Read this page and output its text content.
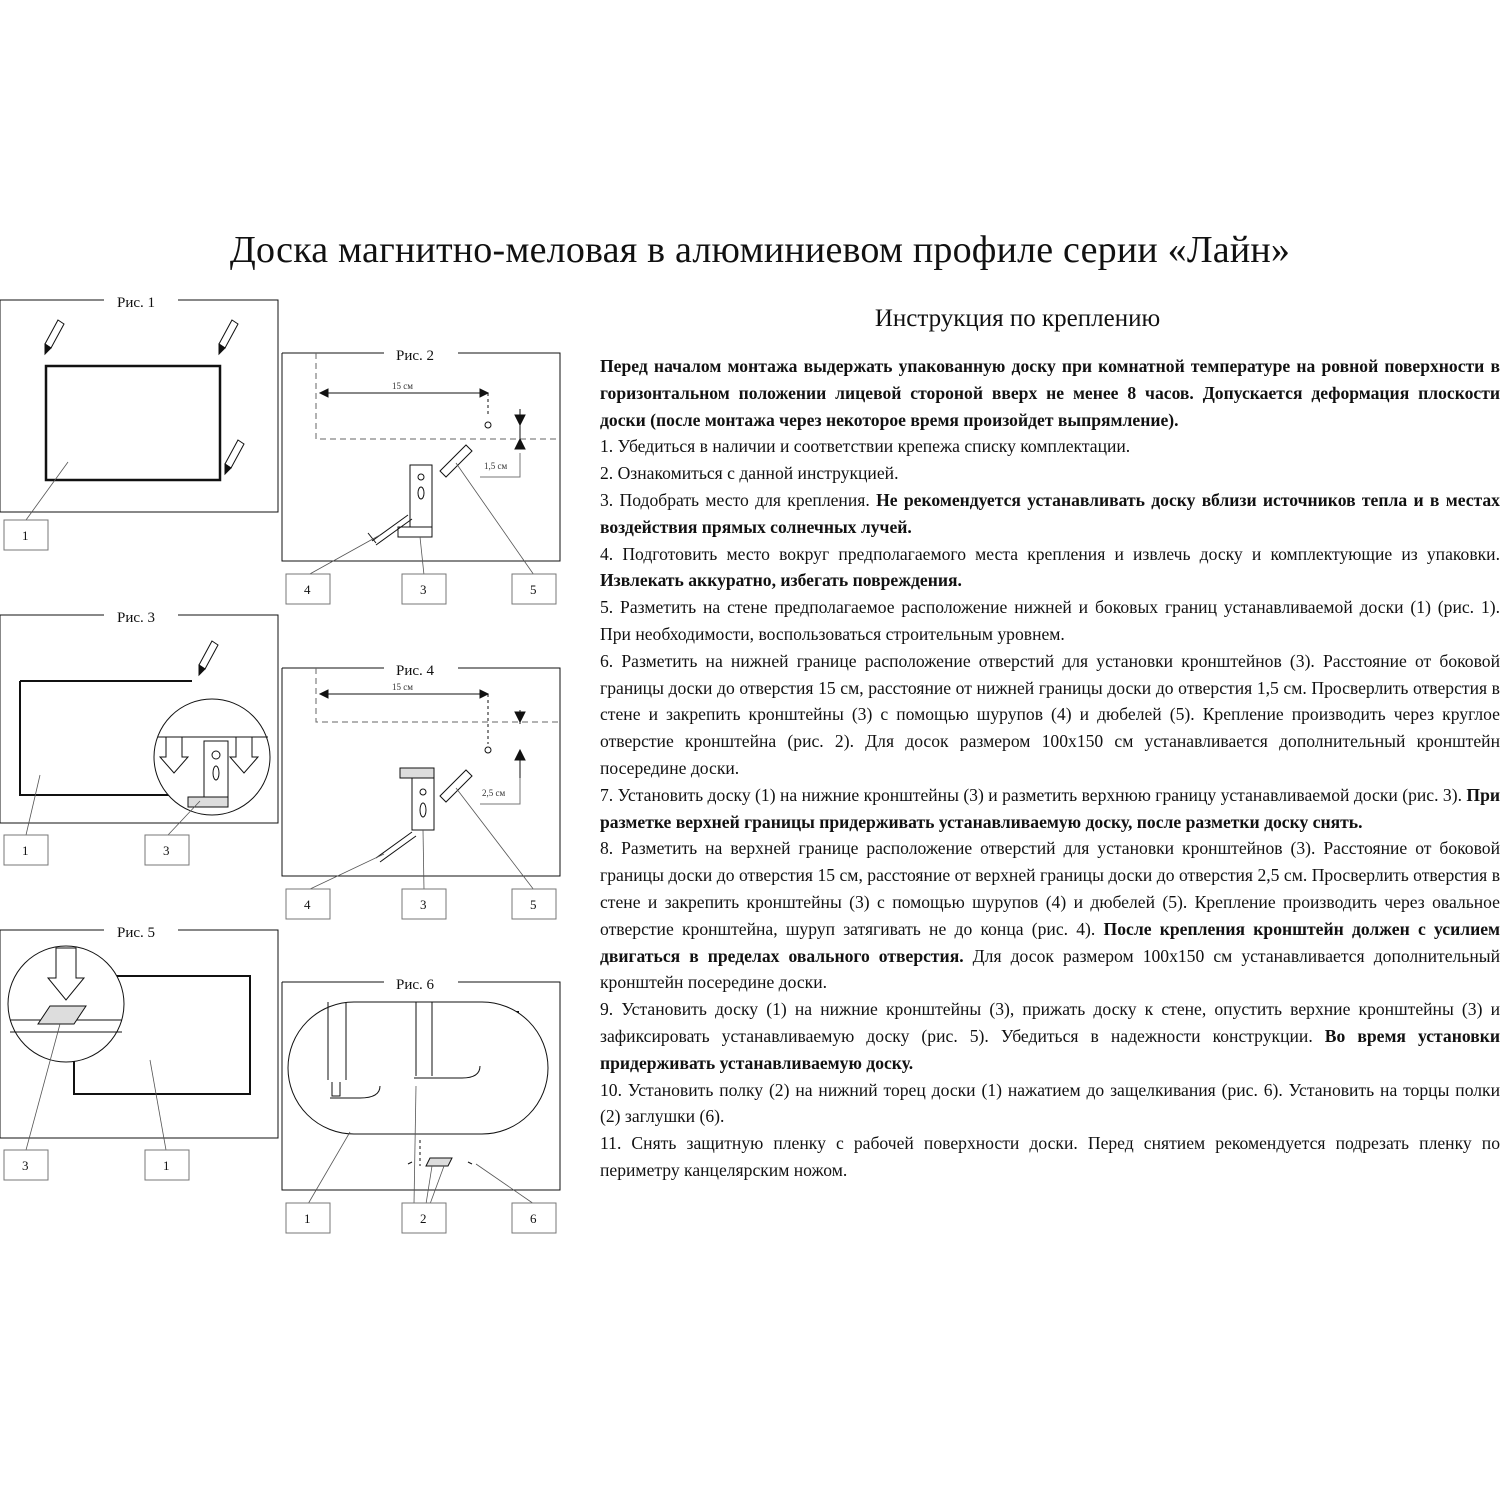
Доска магнитно-меловая в алюминиевом профиле серии «Лайн»
Инструкция по креплению

Перед началом монтажа выдержать упакованную доску при комнатной температуре на ровной поверхности в горизонтальном положении лицевой стороной вверх не менее 8 часов. Допускается деформация плоскости доски (после монтажа через некоторое время произойдет выпрямление).

1. Убедиться в наличии и соответствии крепежа списку комплектации.

2. Ознакомиться с данной инструкцией.

3. Подобрать место для крепления. Не рекомендуется устанавливать доску вблизи источников тепла и в местах воздействия прямых солнечных лучей.

4. Подготовить место вокруг предполагаемого места крепления и извлечь доску и комплектующие из упаковки. Извлекать аккуратно, избегать повреждения.

5. Разметить на стене предполагаемое расположение нижней и боковых границ устанавливаемой доски (1) (рис. 1). При необходимости, воспользоваться строительным уровнем.

6. Разметить на нижней границе расположение отверстий для установки кронштейнов (3). Расстояние от боковой границы доски до отверстия 15 см, расстояние от нижней границы доски до отверстия 1,5 см. Просверлить отверстия в стене и закрепить кронштейны (3) с помощью шурупов (4) и дюбелей (5). Крепление производить через круглое отверстие кронштейна (рис. 2). Для досок размером 100х150 см устанавливается дополнительный кронштейн посередине доски.

7. Установить доску (1) на нижние кронштейны (3) и разметить верхнюю границу устанавливаемой доски (рис. 3). При разметке верхней границы придерживать устанавливаемую доску, после разметки доску снять.

8. Разметить на верхней границе расположение отверстий для установки кронштейнов (3). Расстояние от боковой границы доски до отверстия 15 см, расстояние от верхней границы доски до отверстия 2,5 см. Просверлить отверстия в стене и закрепить кронштейны (3) с помощью шурупов (4) и дюбелей (5). Крепление производить через овальное отверстие кронштейна, шуруп затягивать не до конца (рис. 4). После крепления кронштейн должен с усилием двигаться в пределах овального отверстия. Для досок размером 100х150 см устанавливается дополнительный кронштейн посередине доски.

9. Установить доску (1) на нижние кронштейны (3), прижать доску к стене, опустить верхние кронштейны (3) и зафиксировать устанавливаемую доску (рис. 5). Убедиться в надежности конструкции. Во время установки придерживать устанавливаемую доску.

10. Установить полку (2) на нижний торец доски (1) нажатием до защелкивания (рис. 6). Установить на торцы полки (2) заглушки (6).

11. Снять защитную пленку с рабочей поверхности доски. Перед снятием рекомендуется подрезать пленку по периметру канцелярским ножом.

Рис. 1
1
Рис. 2
15 см
1,5 см
4	3	5
Рис. 3
1	3
Рис. 4
15 см
2,5 см
4	3	5
Рис. 5
3	1
Рис. 6
1	2	6
